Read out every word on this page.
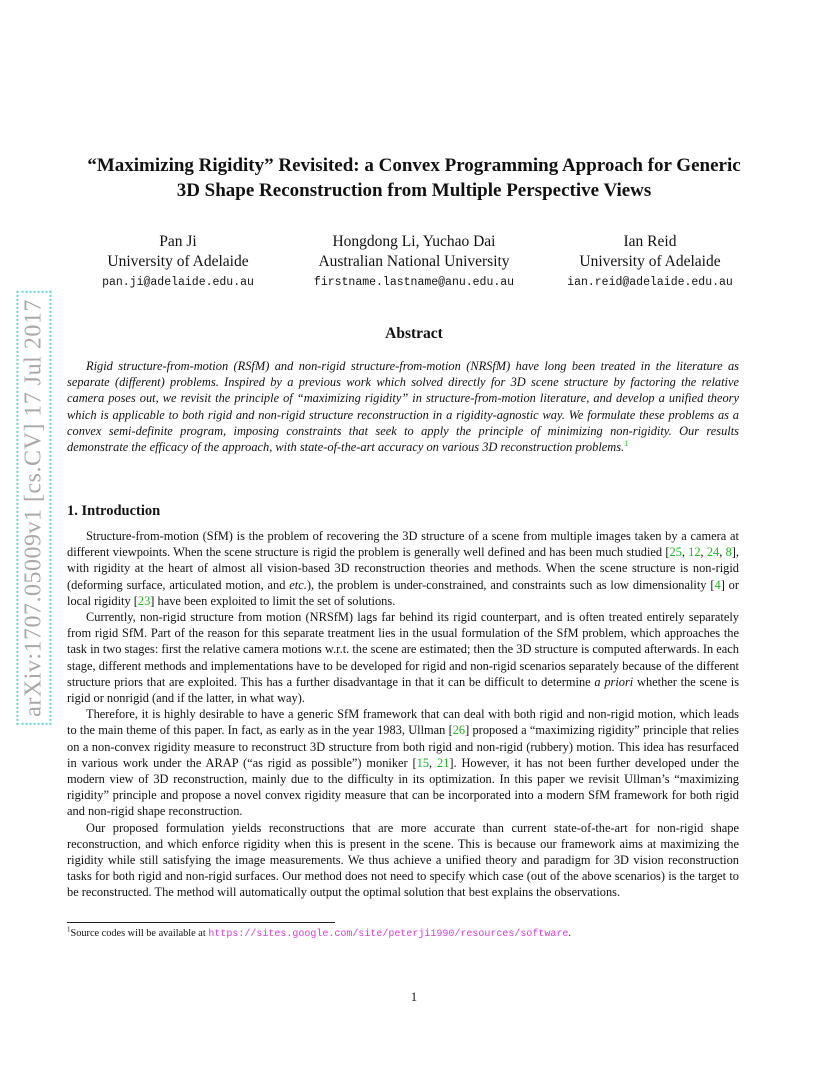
arXiv:1707.05009v1 [cs.CV] 17 Jul 2017
“Maximizing Rigidity” Revisited: a Convex Programming Approach for Generic
3D Shape Reconstruction from Multiple Perspective Views
Pan Ji
University of Adelaide
pan.ji@adelaide.edu.au
Hongdong Li, Yuchao Dai
Australian National University
firstname.lastname@anu.edu.au
Ian Reid
University of Adelaide
ian.reid@adelaide.edu.au
Abstract

Rigid structure-from-motion (RSfM) and non-rigid structure-from-motion (NRSfM) have long been treated in the literature as separate (different) problems. Inspired by a previous work which solved directly for 3D scene structure by factoring the relative camera poses out, we revisit the principle of “maximizing rigidity” in structure-from-motion literature, and develop a unified theory which is applicable to both rigid and non-rigid structure reconstruction in a rigidity-agnostic way. We formulate these problems as a convex semi-definite program, imposing constraints that seek to apply the principle of minimizing non-rigidity. Our results demonstrate the efficacy of the approach, with state-of-the-art accuracy on various 3D reconstruction problems.$^1$

1. Introduction

Structure-from-motion (SfM) is the problem of recovering the 3D structure of a scene from multiple images taken by a camera at different viewpoints. When the scene structure is rigid the problem is generally well defined and has been much studied [25, 12, 24, 8], with rigidity at the heart of almost all vision-based 3D reconstruction theories and methods. When the scene structure is non-rigid (deforming surface, articulated motion, and etc.), the problem is under-constrained, and constraints such as low dimensionality [4] or local rigidity [23] have been exploited to limit the set of solutions.

Currently, non-rigid structure from motion (NRSfM) lags far behind its rigid counterpart, and is often treated entirely separately from rigid SfM. Part of the reason for this separate treatment lies in the usual formulation of the SfM problem, which approaches the task in two stages: first the relative camera motions w.r.t. the scene are estimated; then the 3D structure is computed afterwards. In each stage, different methods and implementations have to be developed for rigid and non-rigid scenarios separately because of the different structure priors that are exploited. This has a further disadvantage in that it can be difficult to determine a priori whether the scene is rigid or nonrigid (and if the latter, in what way).

Therefore, it is highly desirable to have a generic SfM framework that can deal with both rigid and non-rigid motion, which leads to the main theme of this paper. In fact, as early as in the year 1983, Ullman [26] proposed a “maximizing rigidity” principle that relies on a non-convex rigidity measure to reconstruct 3D structure from both rigid and non-rigid (rubbery) motion. This idea has resurfaced in various work under the ARAP (“as rigid as possible”) moniker [15, 21]. However, it has not been further developed under the modern view of 3D reconstruction, mainly due to the difficulty in its optimization. In this paper we revisit Ullman’s “maximizing rigidity” principle and propose a novel convex rigidity measure that can be incorporated into a modern SfM framework for both rigid and non-rigid shape reconstruction.

Our proposed formulation yields reconstructions that are more accurate than current state-of-the-art for non-rigid shape reconstruction, and which enforce rigidity when this is present in the scene. This is because our framework aims at maximizing the rigidity while still satisfying the image measurements. We thus achieve a unified theory and paradigm for 3D vision reconstruction tasks for both rigid and non-rigid surfaces. Our method does not need to specify which case (out of the above scenarios) is the target to be reconstructed. The method will automatically output the optimal solution that best explains the observations.

$^1$Source codes will be available at https://sites.google.com/site/peterji1990/resources/software.
1
